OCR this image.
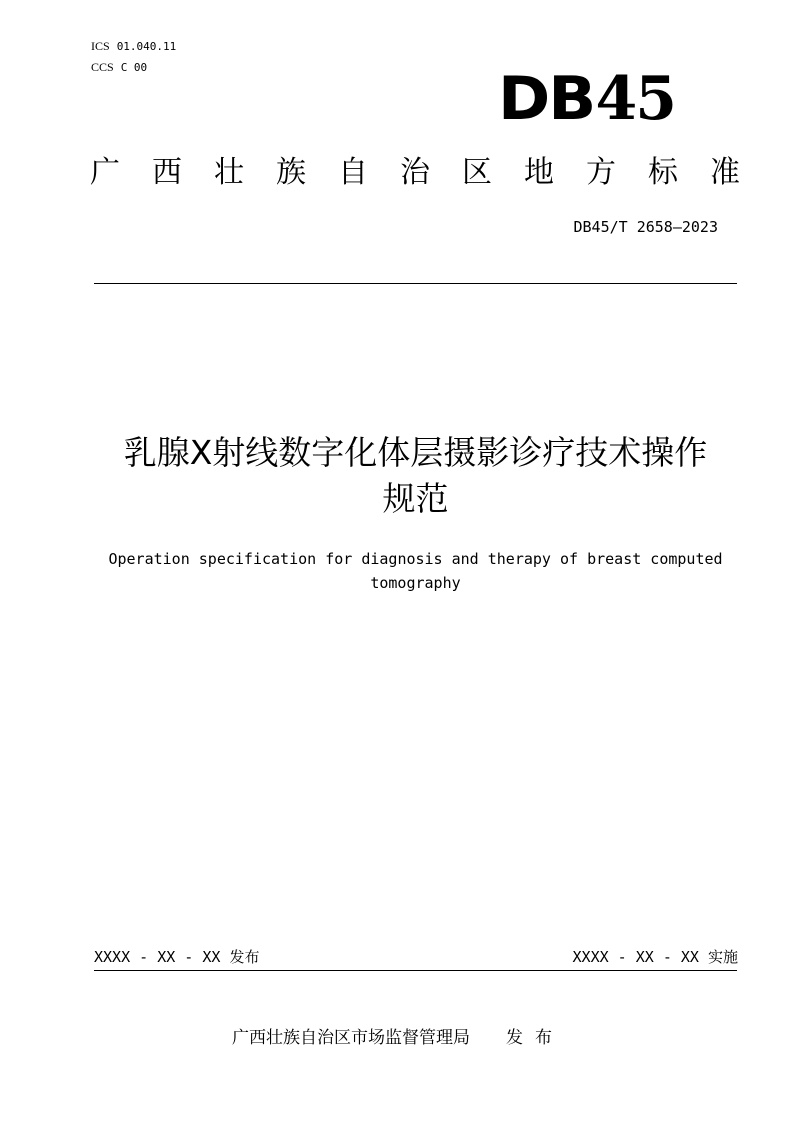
ICS 01.040.11
CCS C 00	DB45
广 西 壮 族 自 治 区 地 方 标 准
DB45/T 2658—2023
乳腺X射线数字化体层摄影诊疗技术操作
规范
Operation specification for diagnosis and therapy of breast computed
tomography
XXXX - XX - XX 发布	XXXX - XX - XX 实施
广西壮族自治区市场监督管理局 发布
